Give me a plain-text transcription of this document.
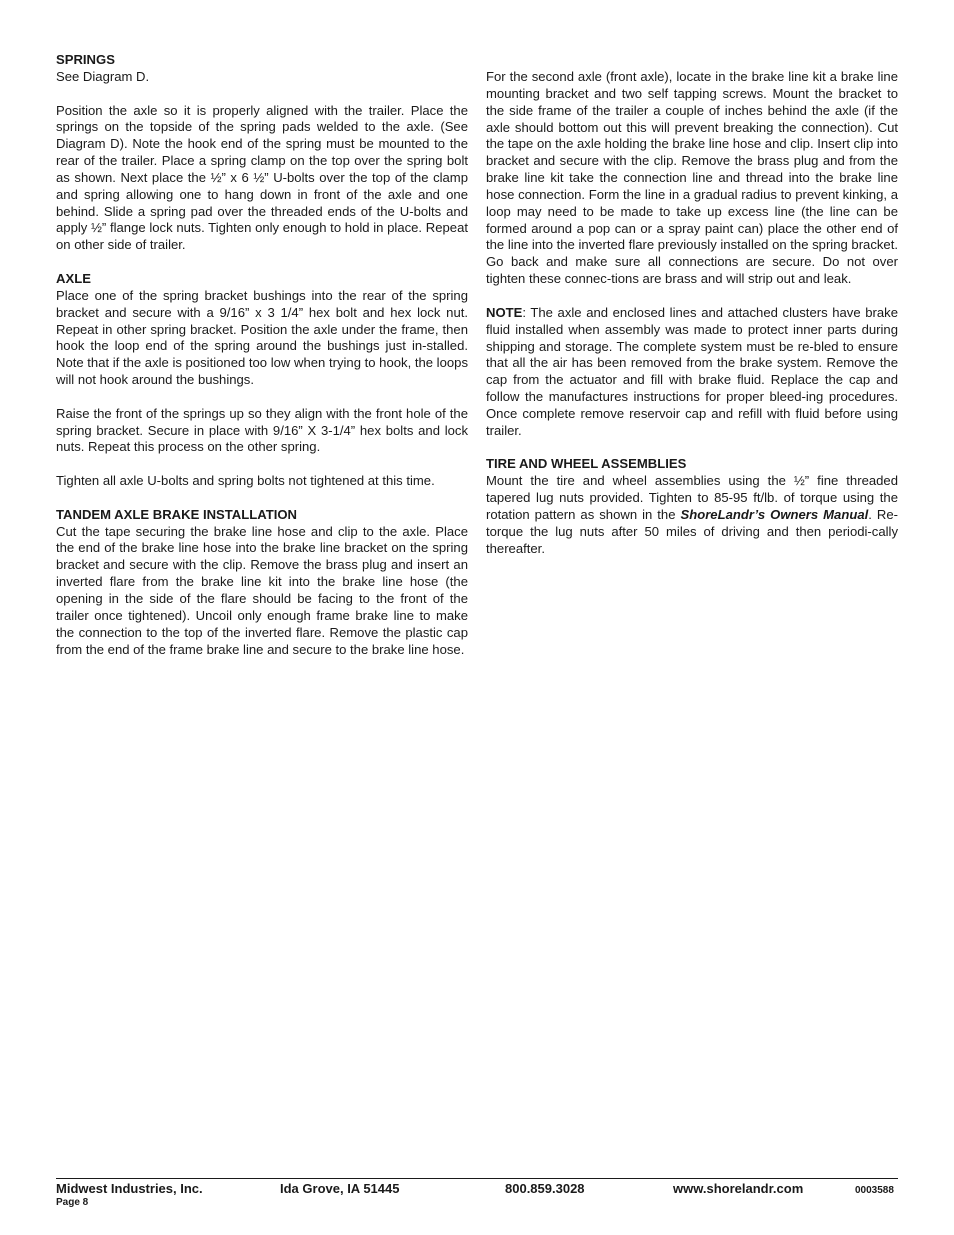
SPRINGS

See Diagram D.

Position the axle so it is properly aligned with the trailer. Place the springs on the topside of the spring pads welded to the axle. (See Diagram D). Note the hook end of the spring must be mounted to the rear of the trailer. Place a spring clamp on the top over the spring bolt as shown. Next place the ½” x 6 ½” U-bolts over the top of the clamp and spring allowing one to hang down in front of the axle and one behind. Slide a spring pad over the threaded ends of the U-bolts and apply ½” flange lock nuts. Tighten only enough to hold in place. Repeat on other side of trailer.

AXLE

Place one of the spring bracket bushings into the rear of the spring bracket and secure with a 9/16” x 3 1/4” hex bolt and hex lock nut. Repeat in other spring bracket. Position the axle under the frame, then hook the loop end of the spring around the bushings just in-stalled. Note that if the axle is positioned too low when trying to hook, the loops will not hook around the bushings.

Raise the front of the springs up so they align with the front hole of the spring bracket. Secure in place with 9/16” X 3-1/4” hex bolts and lock nuts. Repeat this process on the other spring.

Tighten all axle U-bolts and spring bolts not tightened at this time.

TANDEM AXLE BRAKE INSTALLATION

Cut the tape securing the brake line hose and clip to the axle. Place the end of the brake line hose into the brake line bracket on the spring bracket and secure with the clip. Remove the brass plug and insert an inverted flare from the brake line kit into the brake line hose (the opening in the side of the flare should be facing to the front of the trailer once tightened). Uncoil only enough frame brake line to make the connection to the top of the inverted flare. Remove the plastic cap from the end of the frame brake line and secure to the brake line hose.

For the second axle (front axle), locate in the brake line kit a brake line mounting bracket and two self tapping screws. Mount the bracket to the side frame of the trailer a couple of inches behind the axle (if the axle should bottom out this will prevent breaking the connection). Cut the tape on the axle holding the brake line hose and clip. Insert clip into bracket and secure with the clip. Remove the brass plug and from the brake line kit take the connection line and thread into the brake line hose connection. Form the line in a gradual radius to prevent kinking, a loop may need to be made to take up excess line (the line can be formed around a pop can or a spray paint can) place the other end of the line into the inverted flare previously installed on the spring bracket. Go back and make sure all connections are secure. Do not over tighten these connec-tions are brass and will strip out and leak.

NOTE: The axle and enclosed lines and attached clusters have brake fluid installed when assembly was made to protect inner parts during shipping and storage. The complete system must be re-bled to ensure that all the air has been removed from the brake system. Remove the cap from the actuator and fill with brake fluid. Replace the cap and follow the manufactures instructions for proper bleed-ing procedures. Once complete remove reservoir cap and refill with fluid before using trailer.

TIRE AND WHEEL ASSEMBLIES

Mount the tire and wheel assemblies using the ½” fine threaded tapered lug nuts provided. Tighten to 85-95 ft/lb. of torque using the rotation pattern as shown in the ShoreLandr’s Owners Manual. Re-torque the lug nuts after 50 miles of driving and then periodi-cally thereafter.

Midwest Industries, Inc.	Ida Grove, IA 51445	800.859.3028	www.shorelandr.com	0003588
Page 8
